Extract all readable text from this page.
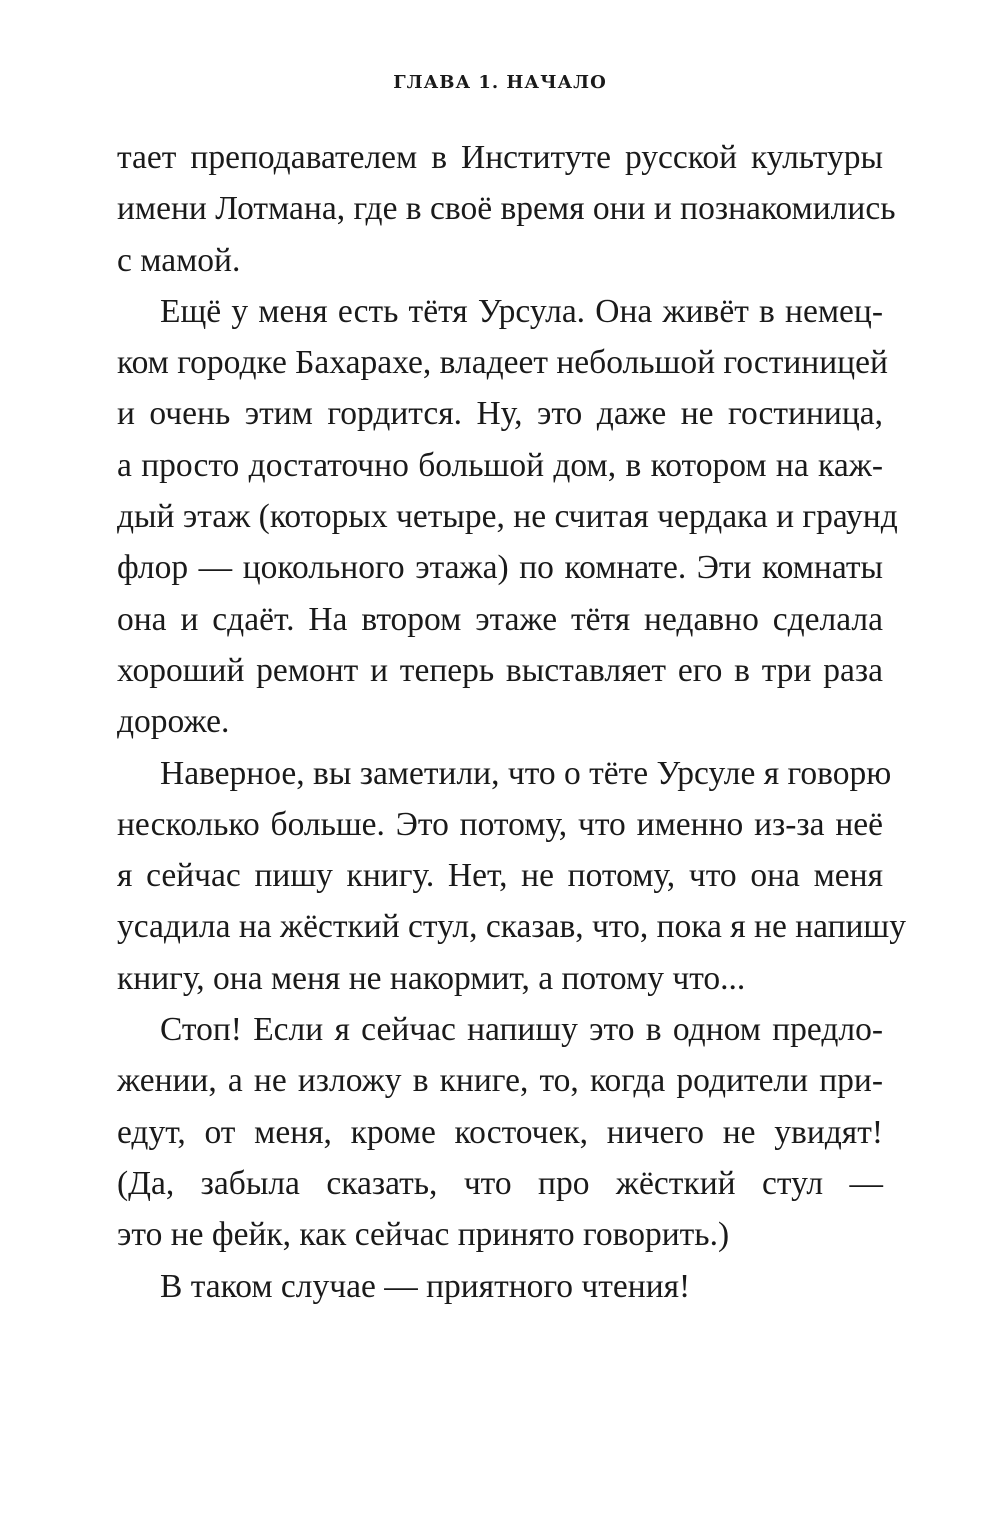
ГЛАВА 1. НАЧАЛО
тает преподавателем в Институте русской культуры
имени Лотмана, где в своё время они и познакомились
с мамой.
Ещё у меня есть тётя Урсула. Она живёт в немец-
ком городке Бахарахе, владеет небольшой гостиницей
и очень этим гордится. Ну, это даже не гостиница,
а просто достаточно большой дом, в котором на каж-
дый этаж (которых четыре, не считая чердака и граунд
флор — цокольного этажа) по комнате. Эти комнаты
она и сдаёт. На втором этаже тётя недавно сделала
хороший ремонт и теперь выставляет его в три раза
дороже.
Наверное, вы заметили, что о тёте Урсуле я говорю
несколько больше. Это потому, что именно из-за неё
я сейчас пишу книгу. Нет, не потому, что она меня
усадила на жёсткий стул, сказав, что, пока я не напишу
книгу, она меня не накормит, а потому что...
Стоп! Если я сейчас напишу это в одном предло-
жении, а не изложу в книге, то, когда родители при-
едут, от меня, кроме косточек, ничего не увидят!
(Да, забыла сказать, что про жёсткий стул —
это не фейк, как сейчас принято говорить.)
В таком случае — приятного чтения!
